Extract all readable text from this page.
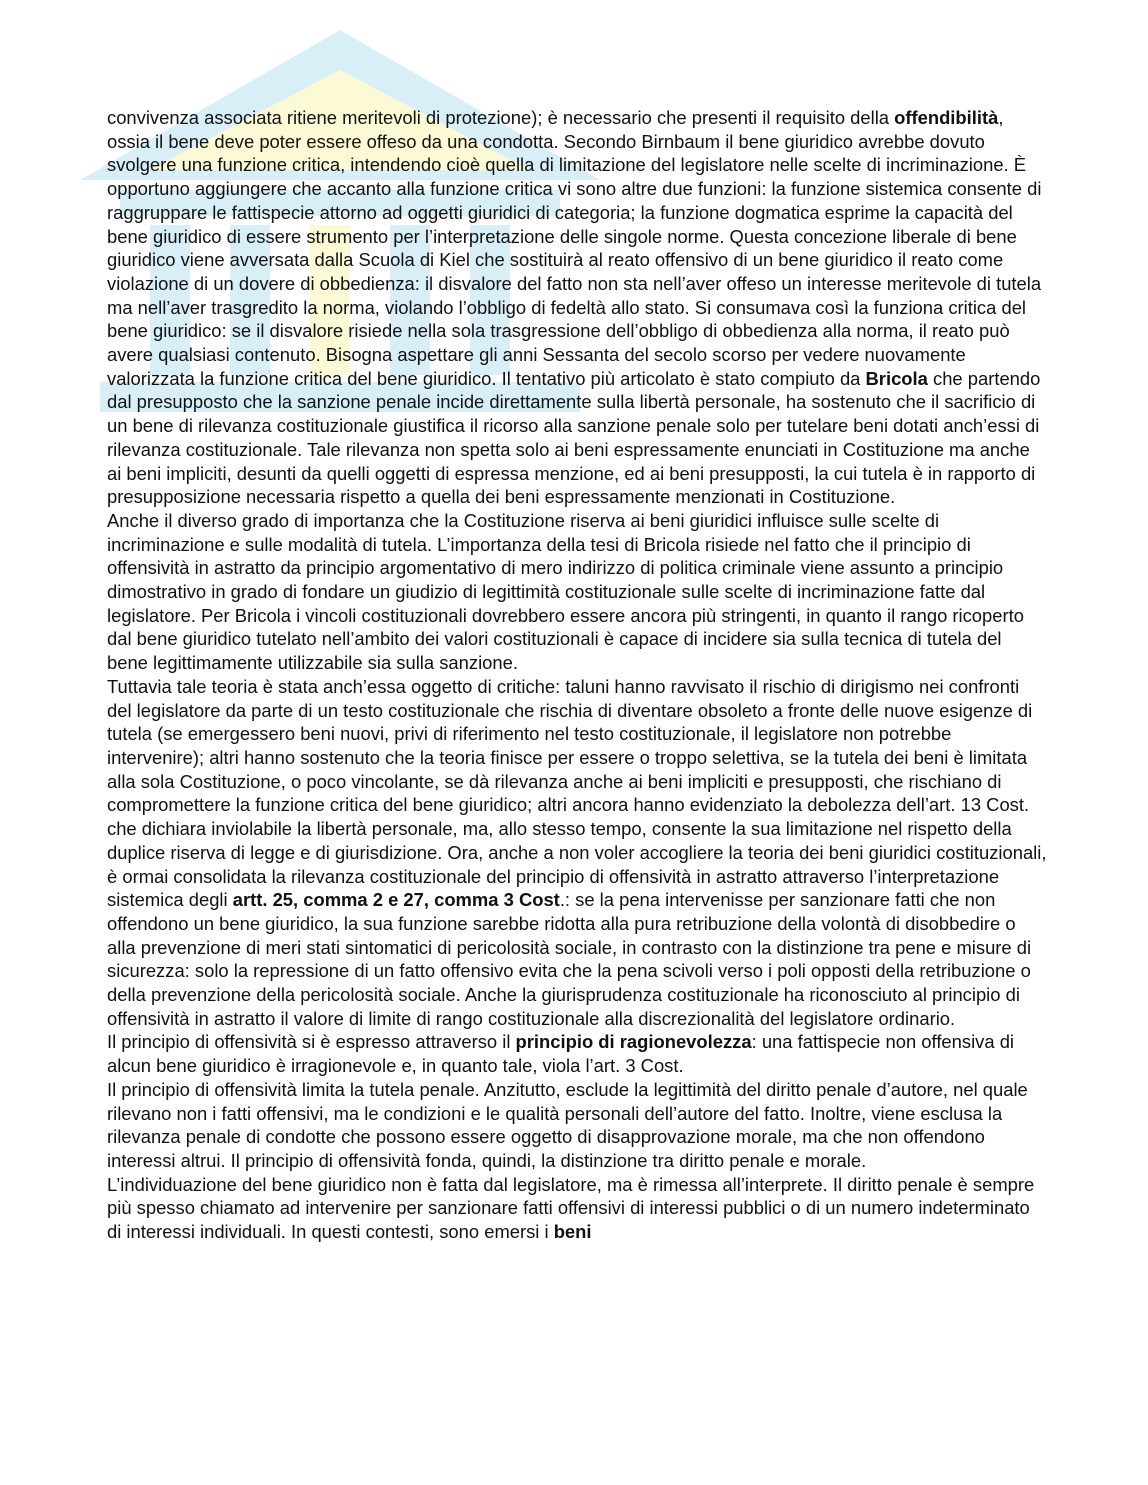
convivenza associata ritiene meritevoli di protezione); è necessario che presenti il requisito della offendibilità, ossia il bene deve poter essere offeso da una condotta. Secondo Birnbaum il bene giuridico avrebbe dovuto svolgere una funzione critica, intendendo cioè quella di limitazione del legislatore nelle scelte di incriminazione. È opportuno aggiungere che accanto alla funzione critica vi sono altre due funzioni: la funzione sistemica consente di raggruppare le fattispecie attorno ad oggetti giuridici di categoria; la funzione dogmatica esprime la capacità del bene giuridico di essere strumento per l’interpretazione delle singole norme. Questa concezione liberale di bene giuridico viene avversata dalla Scuola di Kiel che sostituirà al reato offensivo di un bene giuridico il reato come violazione di un dovere di obbedienza: il disvalore del fatto non sta nell’aver offeso un interesse meritevole di tutela ma nell’aver trasgredito la norma, violando l’obbligo di fedeltà allo stato. Si consumava così la funziona critica del bene giuridico: se il disvalore risiede nella sola trasgressione dell’obbligo di obbedienza alla norma, il reato può avere qualsiasi contenuto. Bisogna aspettare gli anni Sessanta del secolo scorso per vedere nuovamente valorizzata la funzione critica del bene giuridico. Il tentativo più articolato è stato compiuto da Bricola che partendo dal presupposto che la sanzione penale incide direttamente sulla libertà personale, ha sostenuto che il sacrificio di un bene di rilevanza costituzionale giustifica il ricorso alla sanzione penale solo per tutelare beni dotati anch’essi di rilevanza costituzionale. Tale rilevanza non spetta solo ai beni espressamente enunciati in Costituzione ma anche ai beni impliciti, desunti da quelli oggetti di espressa menzione, ed ai beni presupposti, la cui tutela è in rapporto di presupposizione necessaria rispetto a quella dei beni espressamente menzionati in Costituzione.

Anche il diverso grado di importanza che la Costituzione riserva ai beni giuridici influisce sulle scelte di incriminazione e sulle modalità di tutela. L’importanza della tesi di Bricola risiede nel fatto che il principio di offensività in astratto da principio argomentativo di mero indirizzo di politica criminale viene assunto a principio dimostrativo in grado di fondare un giudizio di legittimità costituzionale sulle scelte di incriminazione fatte dal legislatore. Per Bricola i vincoli costituzionali dovrebbero essere ancora più stringenti, in quanto il rango ricoperto dal bene giuridico tutelato nell’ambito dei valori costituzionali è capace di incidere sia sulla tecnica di tutela del bene legittimamente utilizzabile sia sulla sanzione.

Tuttavia tale teoria è stata anch’essa oggetto di critiche: taluni hanno ravvisato il rischio di dirigismo nei confronti del legislatore da parte di un testo costituzionale che rischia di diventare obsoleto a fronte delle nuove esigenze di tutela (se emergessero beni nuovi, privi di riferimento nel testo costituzionale, il legislatore non potrebbe intervenire); altri hanno sostenuto che la teoria finisce per essere o troppo selettiva, se la tutela dei beni è limitata alla sola Costituzione, o poco vincolante, se dà rilevanza anche ai beni impliciti e presupposti, che rischiano di compromettere la funzione critica del bene giuridico; altri ancora hanno evidenziato la debolezza dell’art. 13 Cost. che dichiara inviolabile la libertà personale, ma, allo stesso tempo, consente la sua limitazione nel rispetto della duplice riserva di legge e di giurisdizione. Ora, anche a non voler accogliere la teoria dei beni giuridici costituzionali, è ormai consolidata la rilevanza costituzionale del principio di offensività in astratto attraverso l’interpretazione sistemica degli artt. 25, comma 2 e 27, comma 3 Cost.: se la pena intervenisse per sanzionare fatti che non offendono un bene giuridico, la sua funzione sarebbe ridotta alla pura retribuzione della volontà di disobbedire o alla prevenzione di meri stati sintomatici di pericolosità sociale, in contrasto con la distinzione tra pene e misure di sicurezza: solo la repressione di un fatto offensivo evita che la pena scivoli verso i poli opposti della retribuzione o della prevenzione della pericolosità sociale. Anche la giurisprudenza costituzionale ha riconosciuto al principio di offensività in astratto il valore di limite di rango costituzionale alla discrezionalità del legislatore ordinario.

Il principio di offensività si è espresso attraverso il principio di ragionevolezza: una fattispecie non offensiva di alcun bene giuridico è irragionevole e, in quanto tale, viola l’art. 3 Cost.

Il principio di offensività limita la tutela penale. Anzitutto, esclude la legittimità del diritto penale d’autore, nel quale rilevano non i fatti offensivi, ma le condizioni e le qualità personali dell’autore del fatto. Inoltre, viene esclusa la rilevanza penale di condotte che possono essere oggetto di disapprovazione morale, ma che non offendono interessi altrui. Il principio di offensività fonda, quindi, la distinzione tra diritto penale e morale.

L’individuazione del bene giuridico non è fatta dal legislatore, ma è rimessa all’interprete. Il diritto penale è sempre più spesso chiamato ad intervenire per sanzionare fatti offensivi di interessi pubblici o di un numero indeterminato di interessi individuali. In questi contesti, sono emersi i beni
